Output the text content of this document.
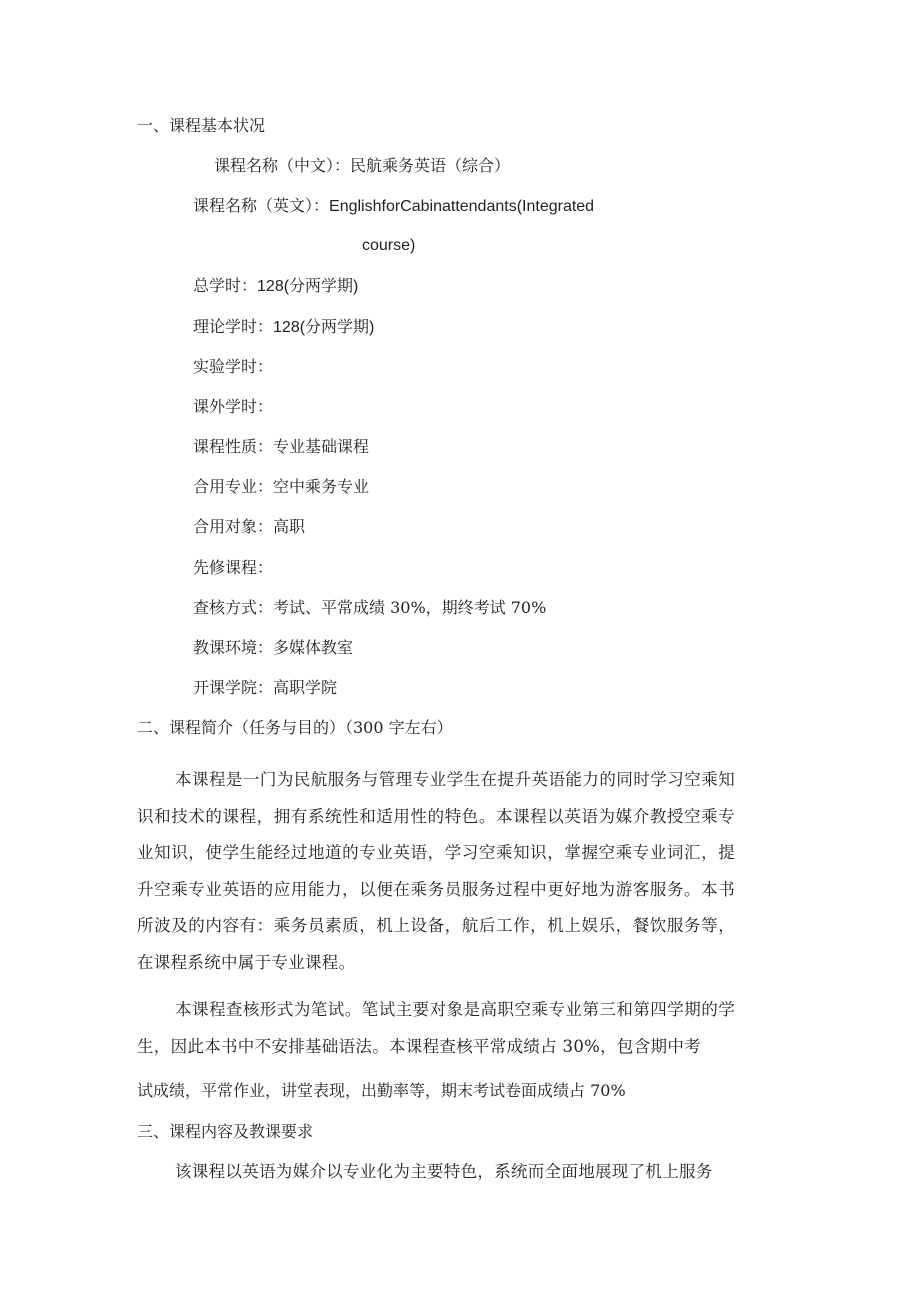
一、课程基本状况
课程名称（中文）：民航乘务英语（综合）
课程名称（英文）：EnglishforCabinattendants(Integrated
course)
总学时：128(分两学期)
理论学时：128(分两学期)
实验学时：
课外学时：
课程性质：专业基础课程
合用专业：空中乘务专业
合用对象：高职
先修课程：
查核方式：考试、平常成绩 30%，期终考试 70%
教课环境：多媒体教室
开课学院：高职学院
二、课程简介（任务与目的）（300 字左右）
本课程是一门为民航服务与管理专业学生在提升英语能力的同时学习空乘知识和技术的课程，拥有系统性和适用性的特色。本课程以英语为媒介教授空乘专业知识，使学生能经过地道的专业英语，学习空乘知识，掌握空乘专业词汇，提升空乘专业英语的应用能力，以便在乘务员服务过程中更好地为游客服务。本书所波及的内容有：乘务员素质，机上设备，航后工作，机上娱乐，餐饮服务等，在课程系统中属于专业课程。
本课程查核形式为笔试。笔试主要对象是高职空乘专业第三和第四学期的学生，因此本书中不安排基础语法。本课程查核平常成绩占 30%，包含期中考
试成绩，平常作业，讲堂表现，出勤率等，期末考试卷面成绩占 70%
三、课程内容及教课要求
该课程以英语为媒介以专业化为主要特色，系统而全面地展现了机上服务
